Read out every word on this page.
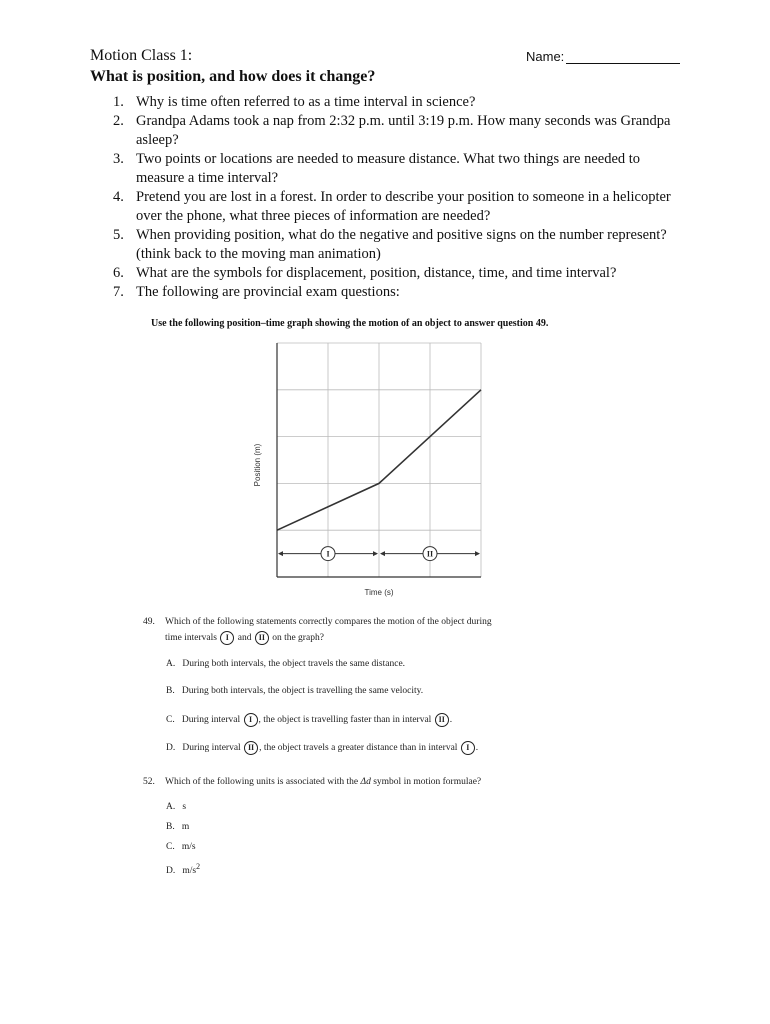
Motion Class 1:	Name:
What is position, and how does it change?
1. Why is time often referred to as a time interval in science?
2. Grandpa Adams took a nap from 2:32 p.m. until 3:19 p.m. How many seconds was Grandpa asleep?
3. Two points or locations are needed to measure distance. What two things are needed to measure a time interval?
4. Pretend you are lost in a forest. In order to describe your position to someone in a helicopter over the phone, what three pieces of information are needed?
5. When providing position, what do the negative and positive signs on the number represent? (think back to the moving man animation)
6. What are the symbols for displacement, position, distance, time, and time interval?
7. The following are provincial exam questions:
Use the following position–time graph showing the motion of an object to answer question 49.
I	II
Time (s)
Position (m)
49. Which of the following statements correctly compares the motion of the object during
time intervals I and II on the graph?
A. During both intervals, the object travels the same distance.
B. During both intervals, the object is travelling the same velocity.
C. During interval I , the object is travelling faster than in interval II .
D. During interval II , the object travels a greater distance than in interval I .
52. Which of the following units is associated with the Δd symbol in motion formulae?
A. s
B. m
C. m/s
D. $m/s^2$
